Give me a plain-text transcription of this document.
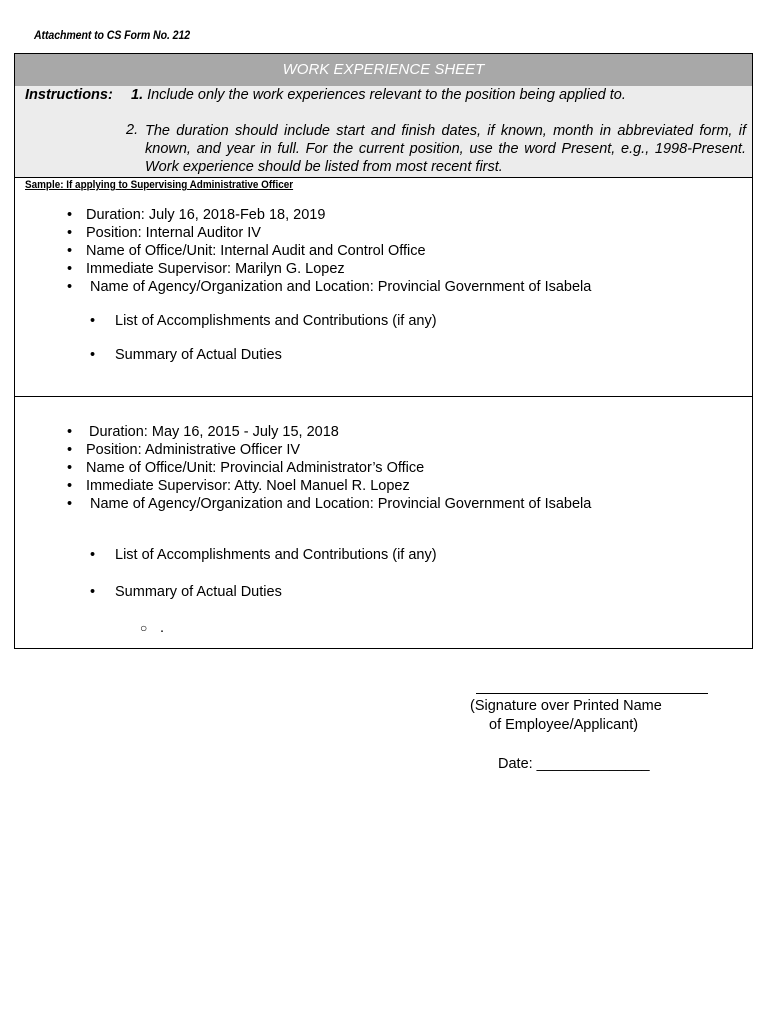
Attachment to CS Form No. 212
WORK EXPERIENCE SHEET
Instructions: 1. Include only the work experiences relevant to the position being applied to.
2. The duration should include start and finish dates, if known, month in abbreviated form, if known, and year in full. For the current position, use the word Present, e.g., 1998-Present. Work experience should be listed from most recent first.
Sample: If applying to Supervising Administrative Officer
• Duration: July 16, 2018-Feb 18, 2019
• Position: Internal Auditor IV
• Name of Office/Unit: Internal Audit and Control Office
• Immediate Supervisor: Marilyn G. Lopez
• Name of Agency/Organization and Location: Provincial Government of Isabela
• List of Accomplishments and Contributions (if any)
• Summary of Actual Duties
• Duration: May 16, 2015 - July 15, 2018
• Position: Administrative Officer IV
• Name of Office/Unit: Provincial Administrator’s Office
• Immediate Supervisor: Atty. Noel Manuel R. Lopez
• Name of Agency/Organization and Location: Provincial Government of Isabela
• List of Accomplishments and Contributions (if any)
• Summary of Actual Duties
○ .
(Signature over Printed Name
of Employee/Applicant)
Date: ______________
